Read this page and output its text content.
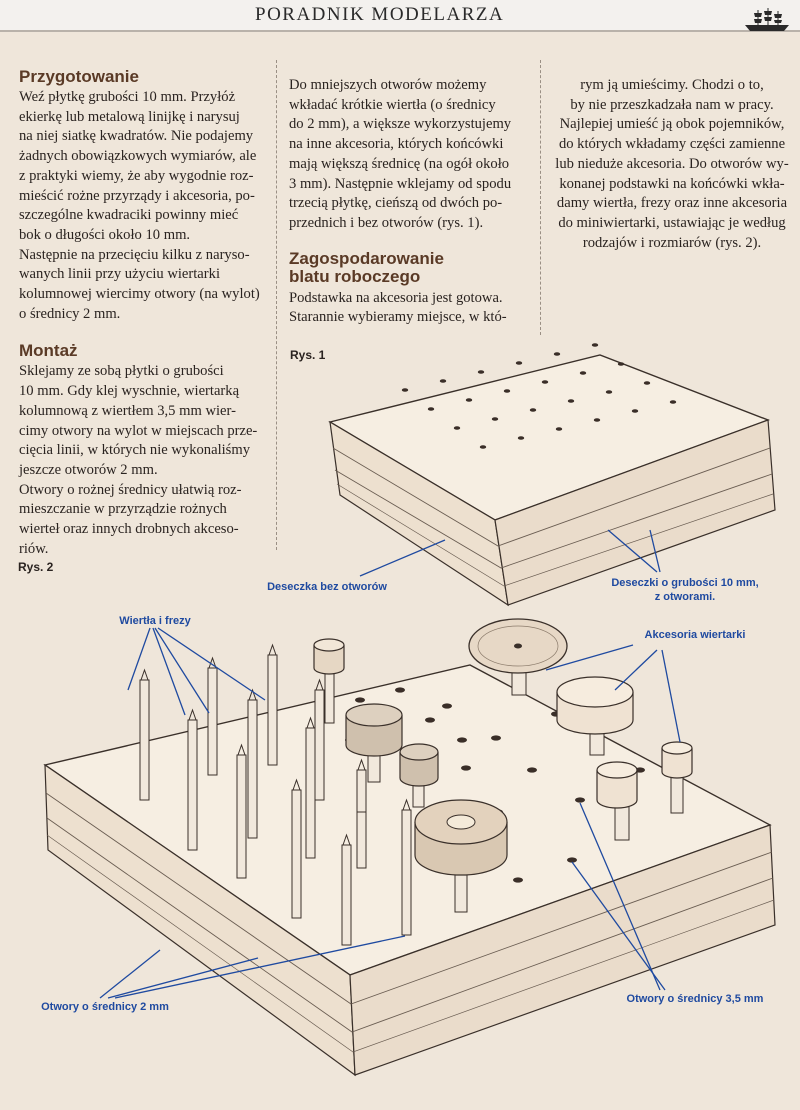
PORADNIK MODELARZA
Przygotowanie
Weź płytkę grubości 10 mm. Przyłóż
ekierkę lub metalową linijkę i narysuj
na niej siatkę kwadratów. Nie podajemy
żadnych obowiązkowych wymiarów, ale
z praktyki wiemy, że aby wygodnie roz-
mieścić rożne przyrządy i akcesoria, po-
szczególne kwadraciki powinny mieć
bok o długości około 10 mm.
Następnie na przecięciu kilku z naryso-
wanych linii przy użyciu wiertarki
kolumnowej wiercimy otwory (na wylot)
o średnicy 2 mm.
Montaż
Sklejamy ze sobą płytki o grubości
10 mm. Gdy klej wyschnie, wiertarką
kolumnową z wiertłem 3,5 mm wier-
cimy otwory na wylot w miejscach prze-
cięcia linii, w których nie wykonaliśmy
jeszcze otworów 2 mm.
Otwory o rożnej średnicy ułatwią roz-
mieszczanie w przyrządzie rożnych
wierteł oraz innych drobnych akceso-
riów.
Do mniejszych otworów możemy
wkładać krótkie wiertła (o średnicy
do 2 mm), a większe wykorzystujemy
na inne akcesoria, których końcówki
mają większą średnicę (na ogół około
3 mm). Następnie wklejamy od spodu
trzecią płytkę, cieńszą od dwóch po-
przednich i bez otworów (rys. 1).
Zagospodarowanie
blatu roboczego
Podstawka na akcesoria jest gotowa.
Starannie wybieramy miejsce, w któ-
rym ją umieścimy. Chodzi o to,
by nie przeszkadzała nam w pracy.
Najlepiej umieść ją obok pojemników,
do których wkładamy części zamienne
lub nieduże akcesoria. Do otworów wy-
konanej podstawki na końcówki wkła-
damy wiertła, frezy oraz inne akcesoria
do miniwiertarki, ustawiając je według
rodzajów i rozmiarów (rys. 2).
Rys. 1
Deseczka bez otworów	Deseczki o grubości 10 mm,
z otworami.
Rys. 2
Wiertła i frezy
Akcesoria wiertarki
Otwory o średnicy 2 mm
Otwory o średnicy 3,5 mm
